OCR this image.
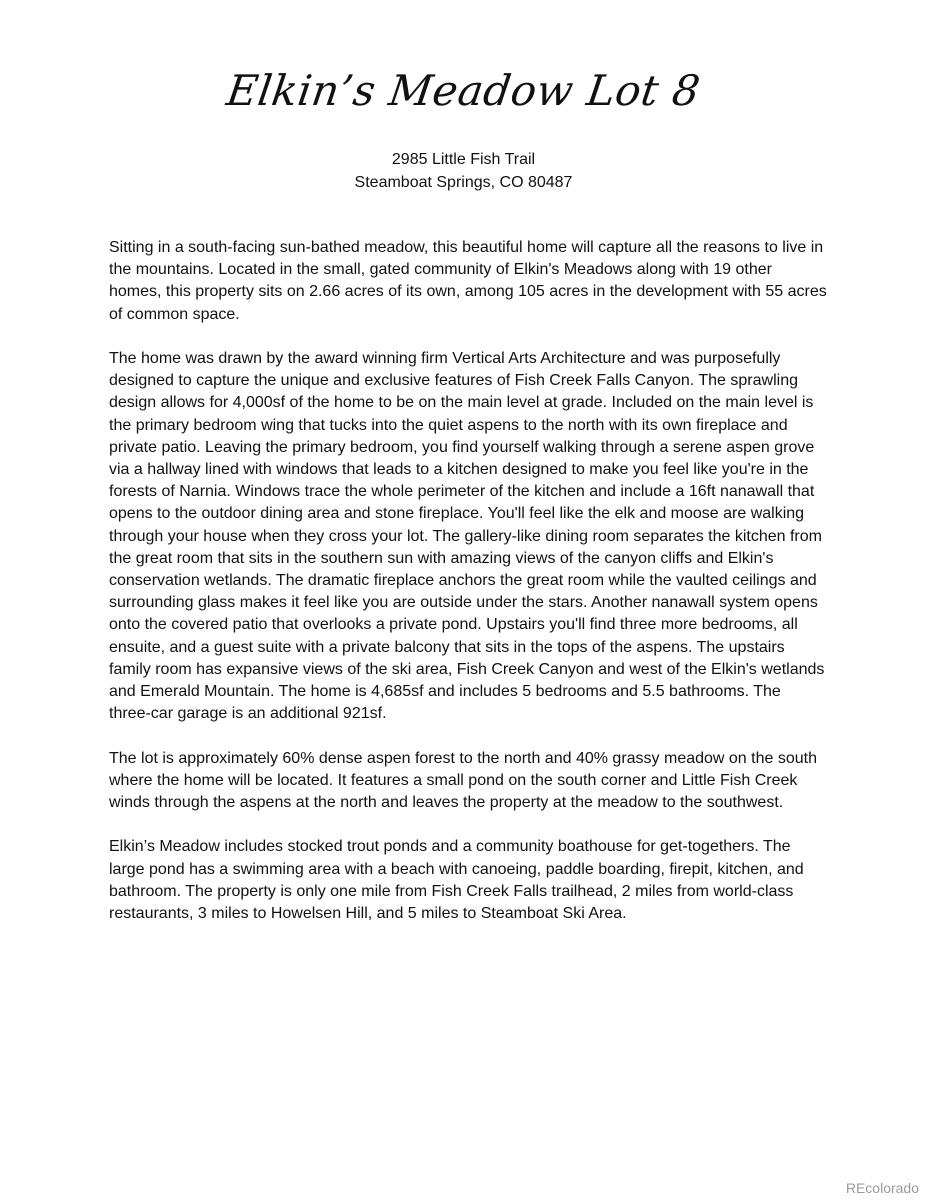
Elkin’s Meadow Lot 8
2985 Little Fish Trail
Steamboat Springs, CO 80487

Sitting in a south-facing sun-bathed meadow, this beautiful home will capture all the reasons to live in the mountains. Located in the small, gated community of Elkin's Meadows along with 19 other homes, this property sits on 2.66 acres of its own, among 105 acres in the development with 55 acres of common space.

The home was drawn by the award winning firm Vertical Arts Architecture and was purposefully designed to capture the unique and exclusive features of Fish Creek Falls Canyon. The sprawling design allows for 4,000sf of the home to be on the main level at grade. Included on the main level is the primary bedroom wing that tucks into the quiet aspens to the north with its own fireplace and private patio. Leaving the primary bedroom, you find yourself walking through a serene aspen grove via a hallway lined with windows that leads to a kitchen designed to make you feel like you're in the forests of Narnia. Windows trace the whole perimeter of the kitchen and include a 16ft nanawall that opens to the outdoor dining area and stone fireplace. You'll feel like the elk and moose are walking through your house when they cross your lot. The gallery-like dining room separates the kitchen from the great room that sits in the southern sun with amazing views of the canyon cliffs and Elkin's conservation wetlands. The dramatic fireplace anchors the great room while the vaulted ceilings and surrounding glass makes it feel like you are outside under the stars. Another nanawall system opens onto the covered patio that overlooks a private pond. Upstairs you'll find three more bedrooms, all ensuite, and a guest suite with a private balcony that sits in the tops of the aspens. The upstairs family room has expansive views of the ski area, Fish Creek Canyon and west of the Elkin's wetlands and Emerald Mountain. The home is 4,685sf and includes 5 bedrooms and 5.5 bathrooms. The three-car garage is an additional 921sf.

The lot is approximately 60% dense aspen forest to the north and 40% grassy meadow on the south where the home will be located. It features a small pond on the south corner and Little Fish Creek winds through the aspens at the north and leaves the property at the meadow to the southwest.

Elkin’s Meadow includes stocked trout ponds and a community boathouse for get-togethers. The large pond has a swimming area with a beach with canoeing, paddle boarding, firepit, kitchen, and bathroom. The property is only one mile from Fish Creek Falls trailhead, 2 miles from world-class restaurants, 3 miles to Howelsen Hill, and 5 miles to Steamboat Ski Area.

REcolorado
